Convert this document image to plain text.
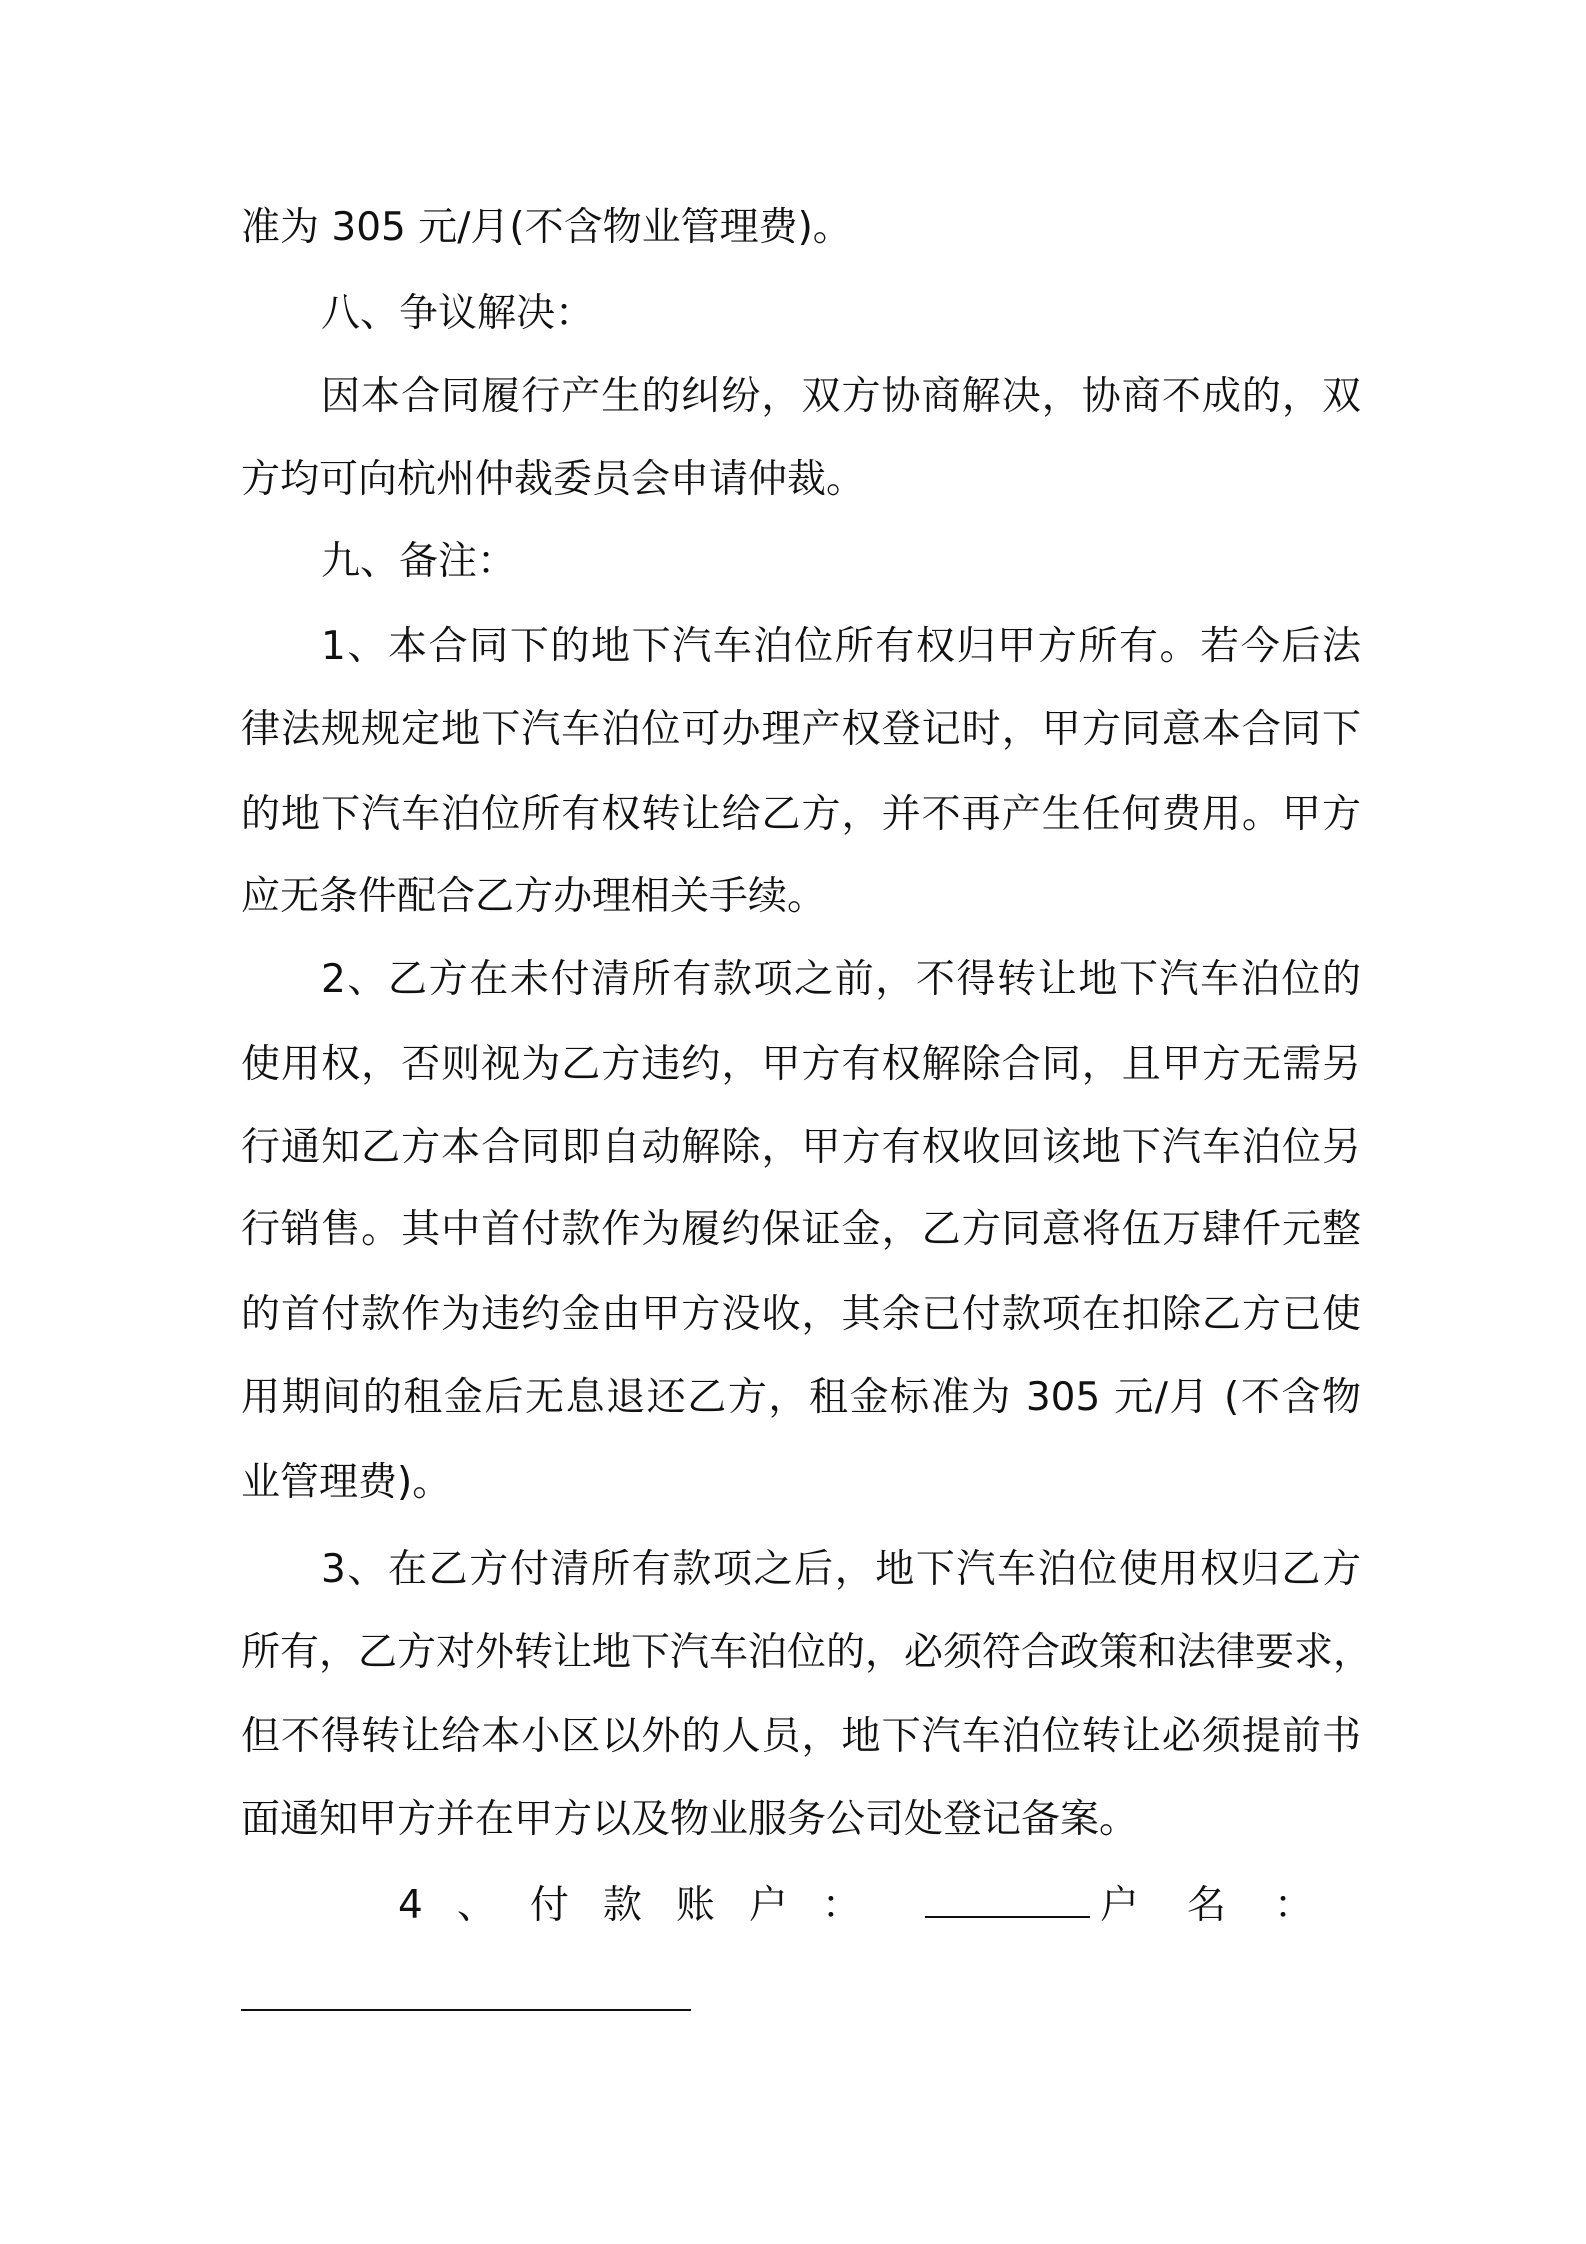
准为 305 元/月(不含物业管理费)。
八、争议解决：
因本合同履行产生的纠纷，双方协商解决，协商不成的，双
方均可向杭州仲裁委员会申请仲裁。
九、备注：
1、本合同下的地下汽车泊位所有权归甲方所有。若今后法
律法规规定地下汽车泊位可办理产权登记时，甲方同意本合同下
的地下汽车泊位所有权转让给乙方，并不再产生任何费用。甲方
应无条件配合乙方办理相关手续。
2、乙方在未付清所有款项之前，不得转让地下汽车泊位的
使用权，否则视为乙方违约，甲方有权解除合同，且甲方无需另
行通知乙方本合同即自动解除，甲方有权收回该地下汽车泊位另
行销售。其中首付款作为履约保证金，乙方同意将伍万肆仟元整
的首付款作为违约金由甲方没收，其余已付款项在扣除乙方已使
用期间的租金后无息退还乙方，租金标准为 305 元/月 (不含物
业管理费)。
3、在乙方付清所有款项之后，地下汽车泊位使用权归乙方
所有，乙方对外转让地下汽车泊位的，必须符合政策和法律要求，
但不得转让给本小区以外的人员，地下汽车泊位转让必须提前书
面通知甲方并在甲方以及物业服务公司处登记备案。
4、付款账户：	户名：
